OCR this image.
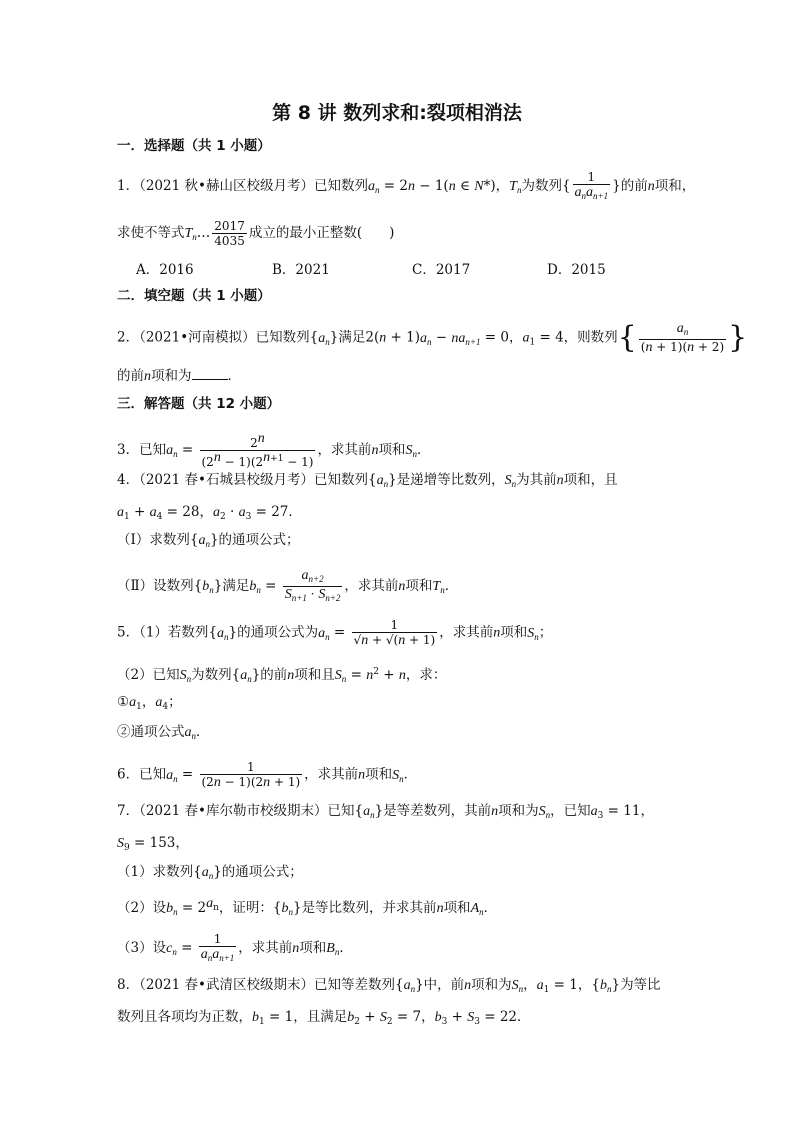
第 8 讲 数列求和:裂项相消法
一．选择题（共 1 小题）
1．（2021 秋•赫山区校级月考）已知数列$a_n = 2n - 1(n$ ∈ N*)，$T_n$为数列{ $\frac{1}{a_na_{n+1}}$ }的前n项和，
求使不等式$T_n\dots \frac{2017}{4035}$ 成立的最小正整数(　　)
A．2016	B．2021	C．2017	D．2015
二．填空题（共 1 小题）
2．（2021•河南模拟）已知数列$\{a_n\}$满足$2(n + 1)a_n - na_{n+1} = 0$，$a_1 = 4$，则数列{ $\frac{a_n}{(n + 1)(n + 2)}$ }
的前n项和为	．
三．解答题（共 12 小题）
3．已知$a_n = \frac{2^n}{(2^n - 1)(2^{n+1} - 1)}$ ，求其前n项和$S_n$．
4．（2021 春•石城县校级月考）已知数列$\{a_n\}$是递增等比数列，$S_n$为其前n项和，且
$a_1 + a_4 = 28$，$a_2 \cdot a_3 = 27$．
（Ⅰ）求数列$\{a_n\}$的通项公式；
（Ⅱ）设数列$\{b_n\}$满足$b_n = \frac{a_{n+2}}{S_{n+1} \cdot S_{n+2}}$ ，求其前n项和$T_n$．
5．（1）若数列$\{a_n\}$的通项公式为$a_n = \frac{1}{√n + √(n + 1)}$ ，求其前n项和$S_n$；
（2）已知$S_n$为数列$\{a_n\}$的前n项和且$S_n = n^2 + n$，求：
$①a_1$，$a_4$；
②通项公式$a_n$．
6．已知$a_n = \frac{1}{(2n - 1)(2n + 1)}$ ，求其前n项和$S_n$．
7．（2021 春•库尔勒市校级期末）已知$\{a_n\}$是等差数列，其前n项和为$S_n$，已知$a_3 = 11$，
$S_9 = 153$，
（1）求数列$\{a_n\}$的通项公式；
（2）设$b_n = 2^{a_n}$，证明：$\{b_n\}$是等比数列，并求其前n项和$A_n$．
（3）设$c_n = \frac{1}{a_na_{n+1}}$ ，求其前n项和$B_n$．
8．（2021 春•武清区校级期末）已知等差数列$\{a_n\}$中，前n项和为$S_n$，$a_1 = 1$，$\{b_n\}$为等比
数列且各项均为正数，$b_1 = 1$，且满足$b_2 + S_2 = 7$，$b_3 + S_3 = 22$．
